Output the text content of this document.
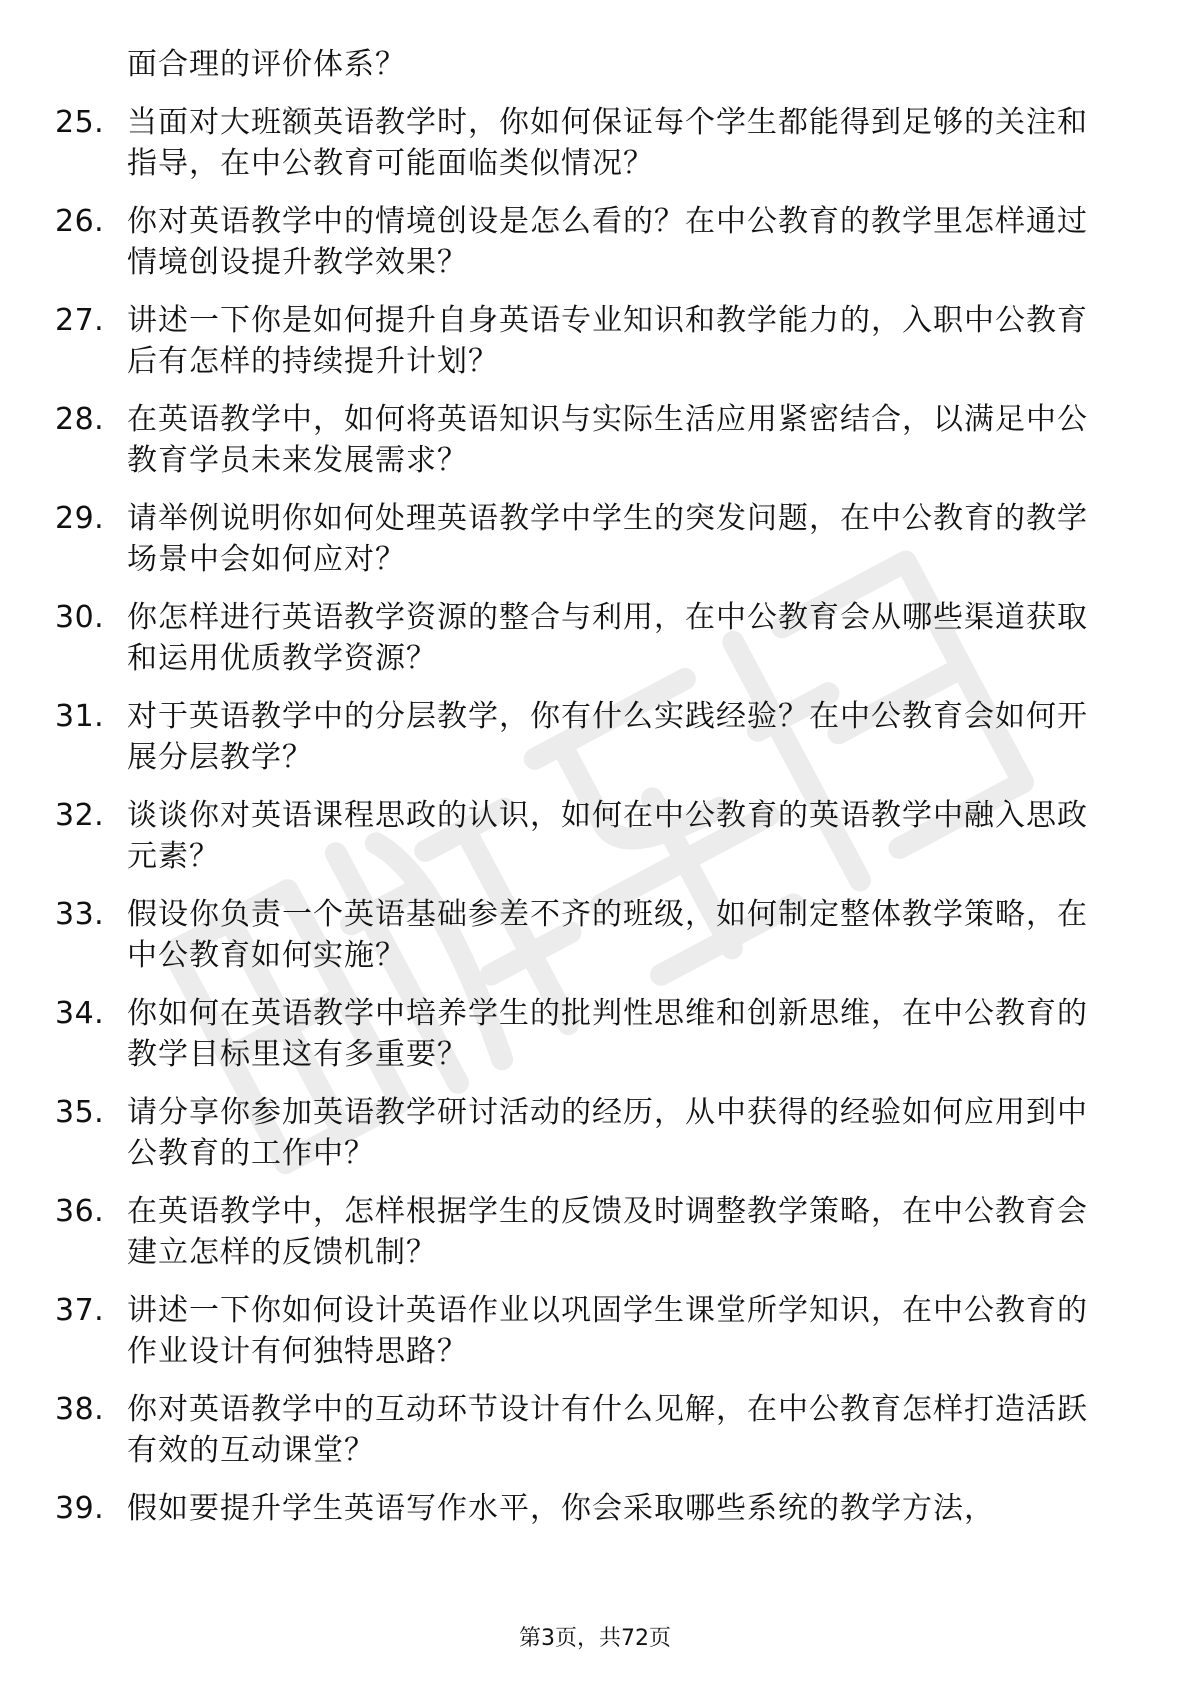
面合理的评价体系？
25. 当面对大班额英语教学时，你如何保证每个学生都能得到足够的关注和指导，在中公教育可能面临类似情况？
26. 你对英语教学中的情境创设是怎么看的？在中公教育的教学里怎样通过情境创设提升教学效果？
27. 讲述一下你是如何提升自身英语专业知识和教学能力的，入职中公教育后有怎样的持续提升计划？
28. 在英语教学中，如何将英语知识与实际生活应用紧密结合，以满足中公教育学员未来发展需求？
29. 请举例说明你如何处理英语教学中学生的突发问题，在中公教育的教学场景中会如何应对？
30. 你怎样进行英语教学资源的整合与利用，在中公教育会从哪些渠道获取和运用优质教学资源？
31. 对于英语教学中的分层教学，你有什么实践经验？在中公教育会如何开展分层教学？
32. 谈谈你对英语课程思政的认识，如何在中公教育的英语教学中融入思政元素？
33. 假设你负责一个英语基础参差不齐的班级，如何制定整体教学策略，在中公教育如何实施？
34. 你如何在英语教学中培养学生的批判性思维和创新思维，在中公教育的教学目标里这有多重要？
35. 请分享你参加英语教学研讨活动的经历，从中获得的经验如何应用到中公教育的工作中？
36. 在英语教学中，怎样根据学生的反馈及时调整教学策略，在中公教育会建立怎样的反馈机制？
37. 讲述一下你如何设计英语作业以巩固学生课堂所学知识，在中公教育的作业设计有何独特思路？
38. 你对英语教学中的互动环节设计有什么见解，在中公教育怎样打造活跃有效的互动课堂？
39. 假如要提升学生英语写作水平，你会采取哪些系统的教学方法，
第3页，共72页
